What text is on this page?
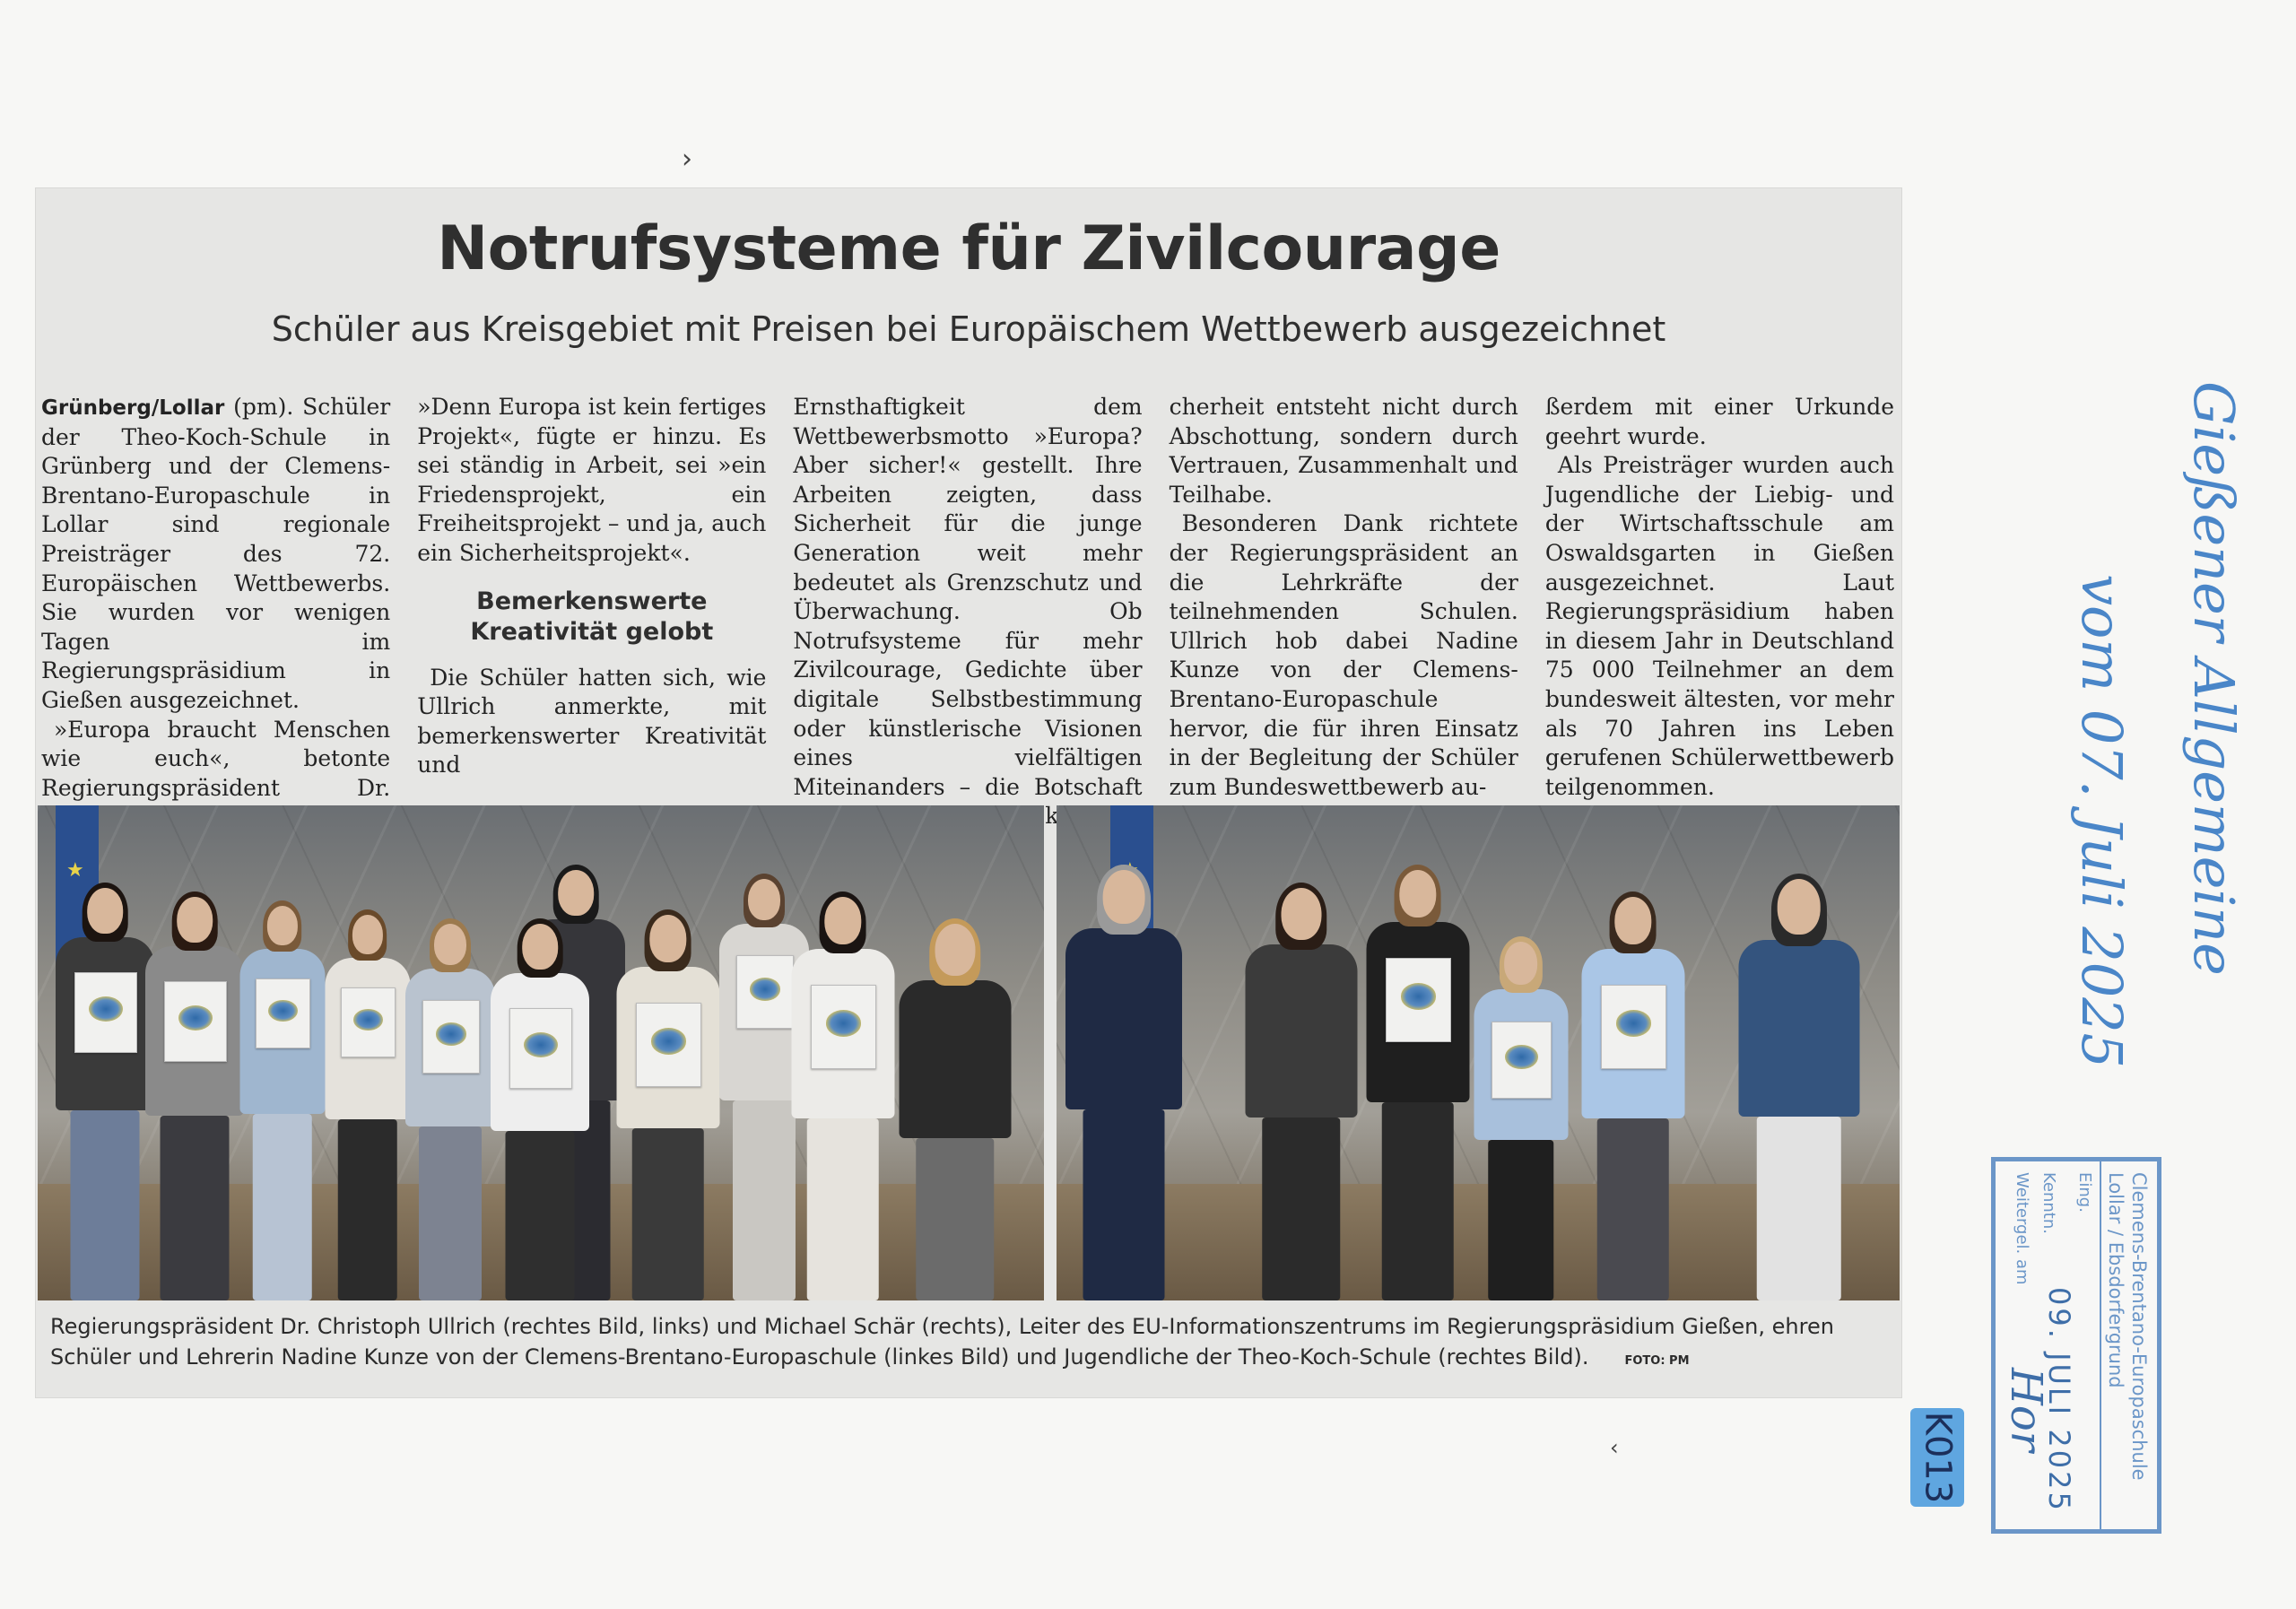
Notrufsysteme für Zivilcourage
Schüler aus Kreisgebiet mit Preisen bei Europäischem Wettbewerb ausgezeichnet

Grünberg/Lollar (pm). Schüler der Theo-Koch-Schule in Grünberg und der Clemens-Brentano-Europaschule in Lollar sind regionale Preisträger des 72. Europäischen Wettbewerbs. Sie wurden vor wenigen Tagen im Regierungspräsidium in Gießen ausgezeichnet.

»Europa braucht Menschen wie euch«, betonte Regierungspräsident Dr.

»Denn Europa ist kein fertiges Projekt«, fügte er hinzu. Es sei ständig in Arbeit, sei »ein Friedensprojekt, ein Freiheitsprojekt – und ja, auch ein Sicherheitsprojekt«.

Bemerkenswerte Kreativität gelobt

Die Schüler hatten sich, wie Ullrich anmerkte, mit bemerkenswerter Kreativität und

Ernsthaftigkeit dem Wettbewerbsmotto »Europa? Aber sicher!« gestellt. Ihre Arbeiten zeigten, dass Sicherheit für die junge Generation weit mehr bedeutet als Grenzschutz und Überwachung. Ob Notrufsysteme für mehr Zivilcourage, Gedichte über digitale Selbstbestimmung oder künstlerische Visionen eines vielfältigen Miteinanders – die Botschaft

cherheit entsteht nicht durch Abschottung, sondern durch Vertrauen, Zusammenhalt und Teilhabe.

Besonderen Dank richtete der Regierungspräsident an die Lehrkräfte der teilnehmenden Schulen. Ullrich hob dabei Nadine Kunze von der Clemens-Brentano-Europaschule hervor, die für ihren Einsatz in der Begleitung der Schüler zum Bundeswettbewerb au-

ßerdem mit einer Urkunde geehrt wurde.

Als Preisträger wurden auch Jugendliche der Liebig- und der Wirtschaftsschule am Oswaldsgarten in Gießen ausgezeichnet. Laut Regierungspräsidium haben in diesem Jahr in Deutschland 75 000 Teilnehmer an dem bundesweit ältesten, vor mehr als 70 Jahren ins Leben gerufenen Schülerwettbewerb teilgenommen.

★
★
Regierungspräsident Dr. Christoph Ullrich (rechtes Bild, links) und Michael Schär (rechts), Leiter des EU-Informationszentrums im Regierungspräsidium Gießen, ehren Schüler und Lehrerin Nadine Kunze von der Clemens-Brentano-Europaschule (linkes Bild) und Jugendliche der Theo-Koch-Schule (rechtes Bild).	FOTO: PM
Gießener Allgemeine
vom 07. Juli 2025
Clemens-Brentano-Europaschule
Lollar / Ebsdorfergrund
Eing.
Kenntn.
Weitergel. am
09. JULI 2025
Hor
K013
›
‹
